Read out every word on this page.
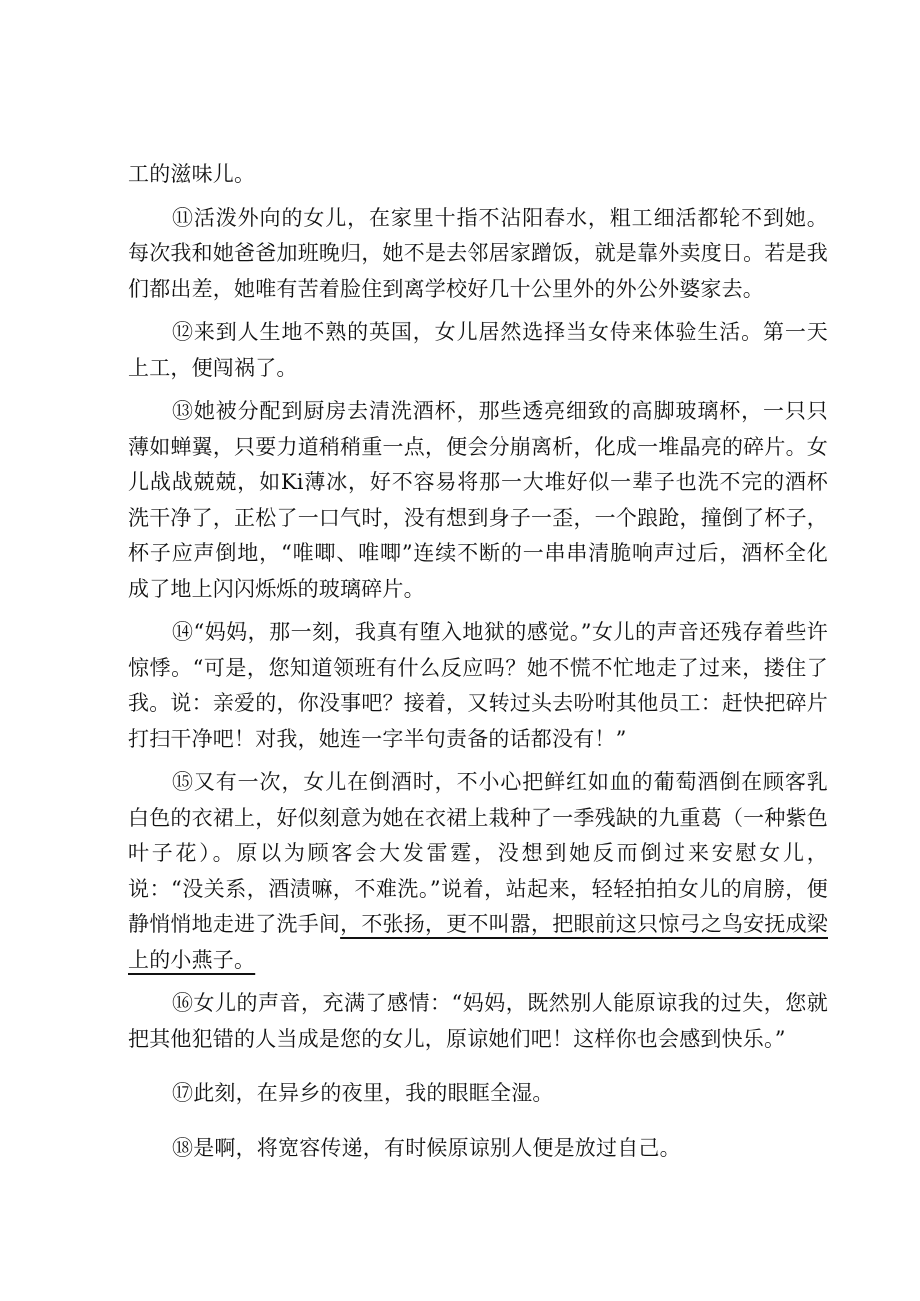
工的滋味儿。

⑪活泼外向的女儿，在家里十指不沾阳春水，粗工细活都轮不到她。每次我和她爸爸加班晚归，她不是去邻居家蹭饭，就是靠外卖度日。若是我们都出差，她唯有苦着脸住到离学校好几十公里外的外公外婆家去。

⑫来到人生地不熟的英国，女儿居然选择当女侍来体验生活。第一天上工，便闯祸了。

⑬她被分配到厨房去清洗酒杯，那些透亮细致的高脚玻璃杯，一只只薄如蝉翼，只要力道稍稍重一点，便会分崩离析，化成一堆晶亮的碎片。女儿战战兢兢，如Ki薄冰，好不容易将那一大堆好似一辈子也洗不完的酒杯洗干净了，正松了一口气时，没有想到身子一歪，一个踉跄，撞倒了杯子，杯子应声倒地，“唯唧、唯唧”连续不断的一串串清脆响声过后，酒杯全化成了地上闪闪烁烁的玻璃碎片。

⑭“妈妈，那一刻，我真有堕入地狱的感觉。”女儿的声音还残存着些许惊悸。“可是，您知道领班有什么反应吗？她不慌不忙地走了过来，搂住了我。说：亲爱的，你没事吧？接着，又转过头去吩咐其他员工：赶快把碎片打扫干净吧！对我，她连一字半句责备的话都没有！”

⑮又有一次，女儿在倒酒时，不小心把鲜红如血的葡萄酒倒在顾客乳白色的衣裙上，好似刻意为她在衣裙上栽种了一季残缺的九重葛（一种紫色叶子花）。原以为顾客会大发雷霆，没想到她反而倒过来安慰女儿，说：“没关系，酒渍嘛，不难洗。”说着，站起来，轻轻拍拍女儿的肩膀，便静悄悄地走进了洗手间，不张扬，更不叫嚣，把眼前这只惊弓之鸟安抚成梁上的小燕子。

⑯女儿的声音，充满了感情：“妈妈，既然别人能原谅我的过失，您就把其他犯错的人当成是您的女儿，原谅她们吧！这样你也会感到快乐。”

⑰此刻，在异乡的夜里，我的眼眶全湿。

⑱是啊，将宽容传递，有时候原谅别人便是放过自己。
